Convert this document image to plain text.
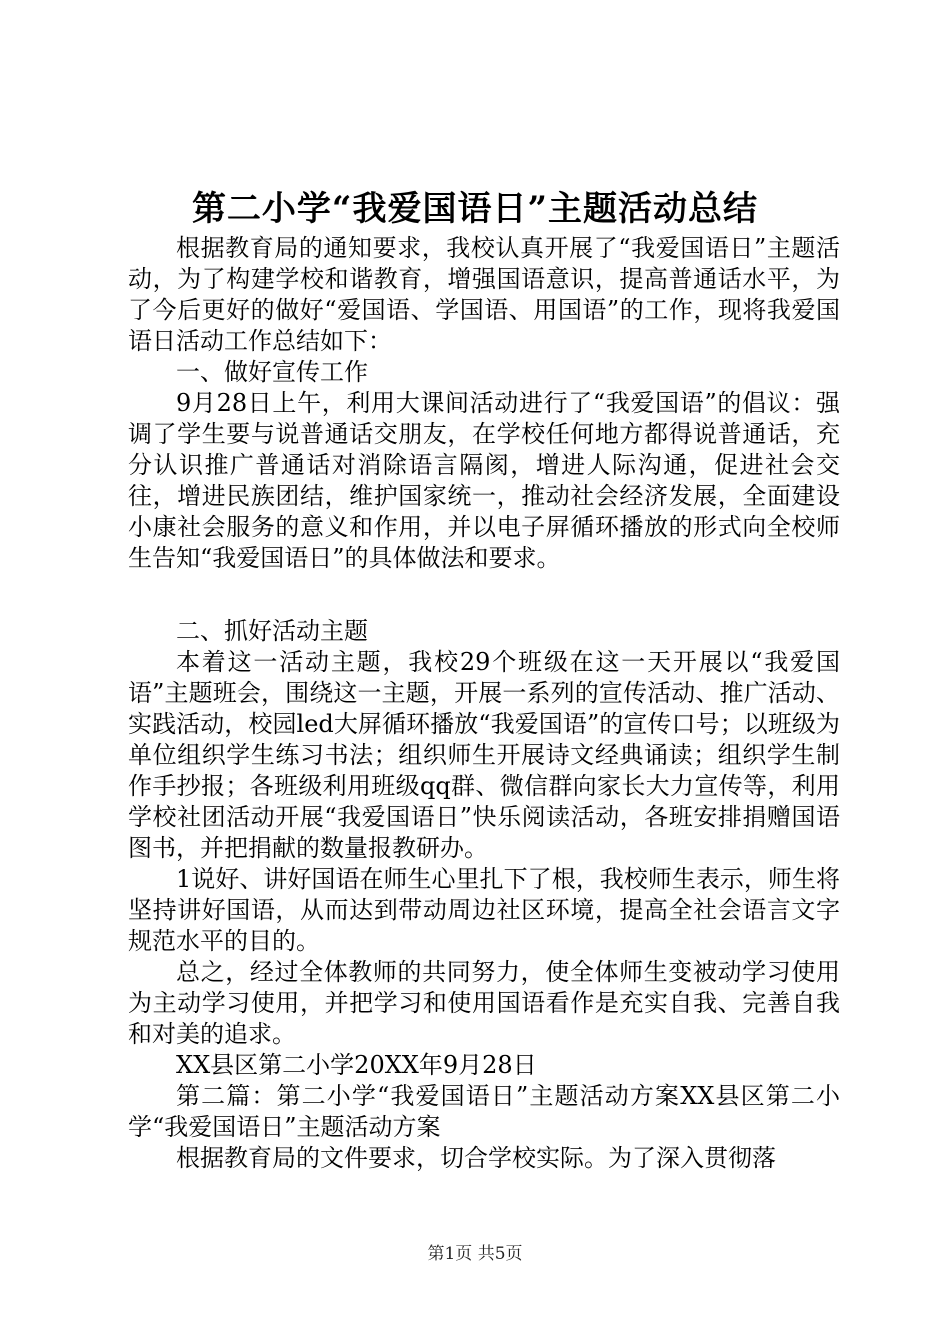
第二小学“我爱国语日”主题活动总结

根据教育局的通知要求，我校认真开展了“我爱国语日”主题活动，为了构建学校和谐教育，增强国语意识，提高普通话水平，为了今后更好的做好“爱国语、学国语、用国语”的工作，现将我爱国语日活动工作总结如下：

一、做好宣传工作

9月28日上午，利用大课间活动进行了“我爱国语”的倡议：强调了学生要与说普通话交朋友，在学校任何地方都得说普通话，充分认识推广普通话对消除语言隔阂，增进人际沟通，促进社会交往，增进民族团结，维护国家统一，推动社会经济发展，全面建设小康社会服务的意义和作用，并以电子屏循环播放的形式向全校师生告知“我爱国语日”的具体做法和要求。

二、抓好活动主题

本着这一活动主题，我校29个班级在这一天开展以“我爱国语”主题班会，围绕这一主题，开展一系列的宣传活动、推广活动、实践活动，校园led大屏循环播放“我爱国语”的宣传口号；以班级为单位组织学生练习书法；组织师生开展诗文经典诵读；组织学生制作手抄报；各班级利用班级qq群、微信群向家长大力宣传等，利用学校社团活动开展“我爱国语日”快乐阅读活动，各班安排捐赠国语图书，并把捐献的数量报教研办。

1说好、讲好国语在师生心里扎下了根，我校师生表示，师生将坚持讲好国语，从而达到带动周边社区环境，提高全社会语言文字规范水平的目的。

总之，经过全体教师的共同努力，使全体师生变被动学习使用为主动学习使用，并把学习和使用国语看作是充实自我、完善自我和对美的追求。

XX县区第二小学20XX年9月28日

第二篇：第二小学“我爱国语日”主题活动方案XX县区第二小学“我爱国语日”主题活动方案

根据教育局的文件要求，切合学校实际。为了深入贯彻落

第1页 共5页
